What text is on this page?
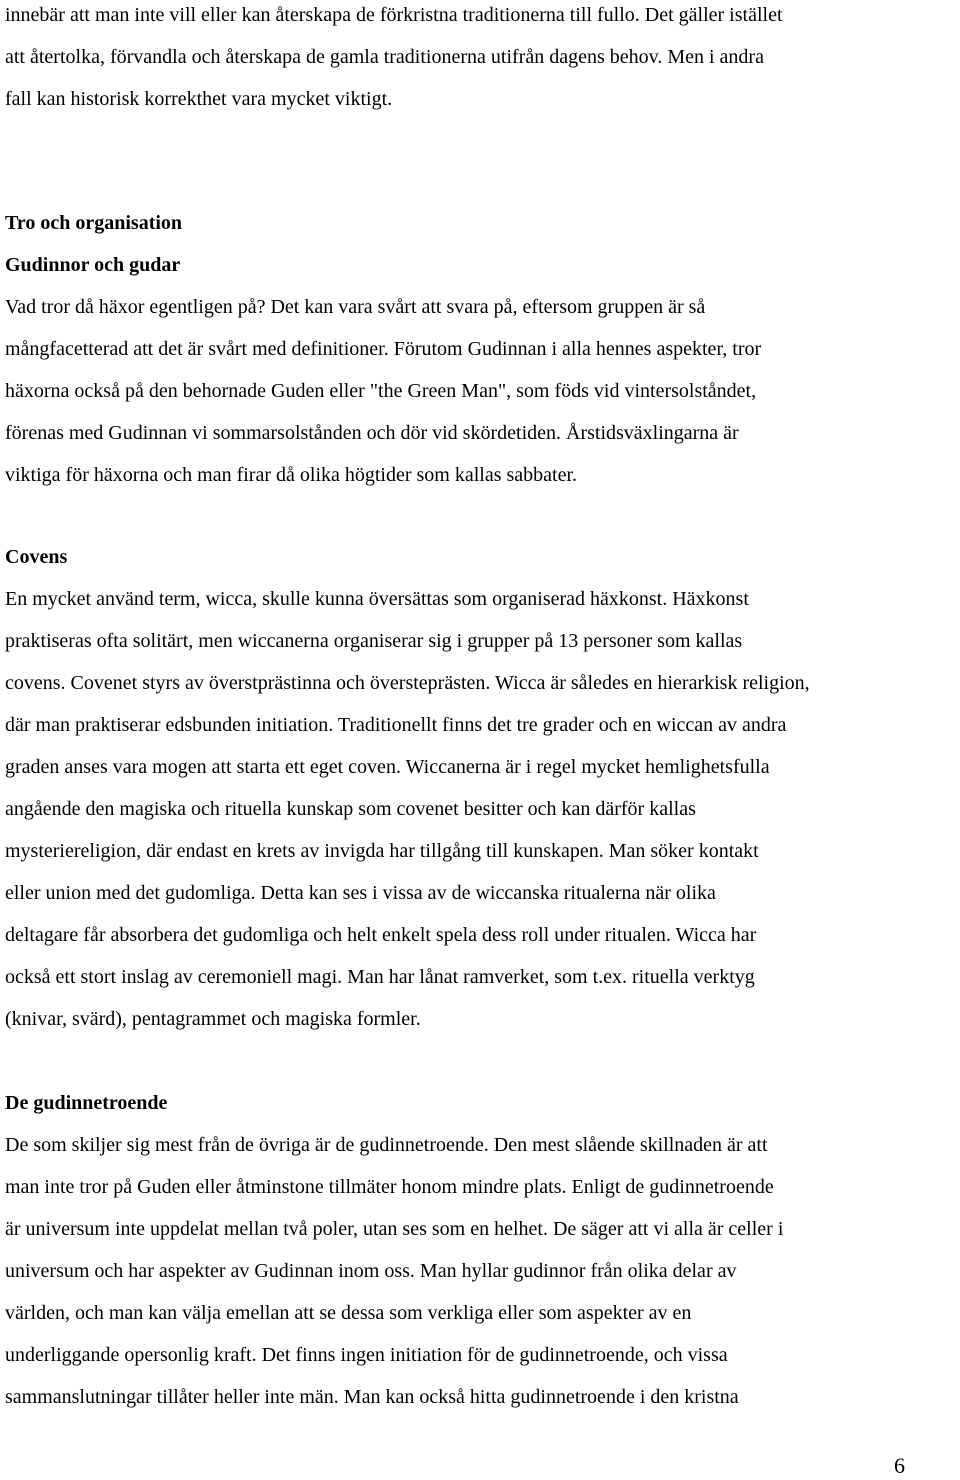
innebär att man inte vill eller kan återskapa de förkristna traditionerna till fullo. Det gäller istället
att återtolka, förvandla och återskapa de gamla traditionerna utifrån dagens behov. Men i andra
fall kan historisk korrekthet vara mycket viktigt.
Tro och organisation
Gudinnor och gudar
Vad tror då häxor egentligen på? Det kan vara svårt att svara på, eftersom gruppen är så
mångfacetterad att det är svårt med definitioner. Förutom Gudinnan i alla hennes aspekter, tror
häxorna också på den behornade Guden eller "the Green Man", som föds vid vintersolståndet,
förenas med Gudinnan vi sommarsolstånden och dör vid skördetiden. Årstidsväxlingarna är
viktiga för häxorna och man firar då olika högtider som kallas sabbater.
Covens
En mycket använd term, wicca, skulle kunna översättas som organiserad häxkonst. Häxkonst
praktiseras ofta solitärt, men wiccanerna organiserar sig i grupper på 13 personer som kallas
covens. Covenet styrs av överstprästinna och översteprästen. Wicca är således en hierarkisk religion,
där man praktiserar edsbunden initiation. Traditionellt finns det tre grader och en wiccan av andra
graden anses vara mogen att starta ett eget coven. Wiccanerna är i regel mycket hemlighetsfulla
angående den magiska och rituella kunskap som covenet besitter och kan därför kallas
mysteriereligion, där endast en krets av invigda har tillgång till kunskapen. Man söker kontakt
eller union med det gudomliga. Detta kan ses i vissa av de wiccanska ritualerna när olika
deltagare får absorbera det gudomliga och helt enkelt spela dess roll under ritualen. Wicca har
också ett stort inslag av ceremoniell magi. Man har lånat ramverket, som t.ex. rituella verktyg
(knivar, svärd), pentagrammet och magiska formler.
De gudinnetroende
De som skiljer sig mest från de övriga är de gudinnetroende. Den mest slående skillnaden är att
man inte tror på Guden eller åtminstone tillmäter honom mindre plats. Enligt de gudinnetroende
är universum inte uppdelat mellan två poler, utan ses som en helhet. De säger att vi alla är celler i
universum och har aspekter av Gudinnan inom oss. Man hyllar gudinnor från olika delar av
världen, och man kan välja emellan att se dessa som verkliga eller som aspekter av en
underliggande opersonlig kraft. Det finns ingen initiation för de gudinnetroende, och vissa
sammanslutningar tillåter heller inte män. Man kan också hitta gudinnetroende i den kristna
6
